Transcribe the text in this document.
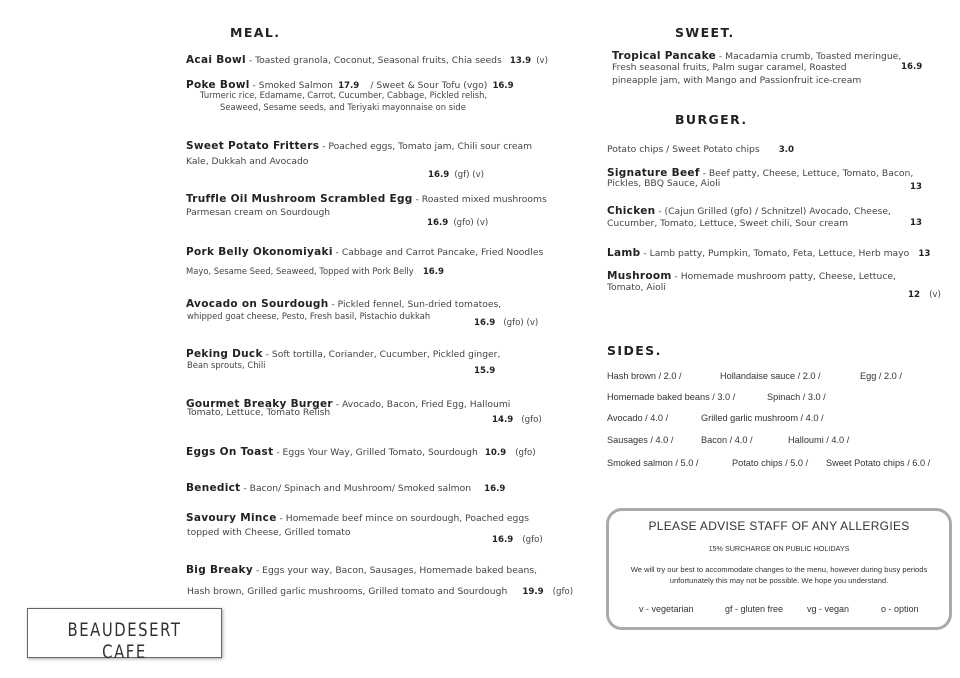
MEAL.
Acai Bowl - Toasted granola, Coconut, Seasonal fruits, Chia seeds 13.9 (v)
Poke Bowl - Smoked Salmon 17.9 / Sweet & Sour Tofu (vgo) 16.9
Turmeric rice, Edamame, Carrot, Cucumber, Cabbage, Pickled relish,
Seaweed, Sesame seeds, and Teriyaki mayonnaise on side
Sweet Potato Fritters - Poached eggs, Tomato jam, Chili sour cream
Kale, Dukkah and Avocado
16.9 (gf) (v)
Truffle Oil Mushroom Scrambled Egg - Roasted mixed mushrooms
Parmesan cream on Sourdough
16.9 (gfo) (v)
Pork Belly Okonomiyaki - Cabbage and Carrot Pancake, Fried Noodles
Mayo, Sesame Seed, Seaweed, Topped with Pork Belly 16.9
Avocado on Sourdough - Pickled fennel, Sun-dried tomatoes,
whipped goat cheese, Pesto, Fresh basil, Pistachio dukkah
16.9 (gfo) (v)
Peking Duck - Soft tortilla, Coriander, Cucumber, Pickled ginger,
Bean sprouts, Chili
15.9
Gourmet Breaky Burger - Avocado, Bacon, Fried Egg, Halloumi
Tomato, Lettuce, Tomato Relish
14.9 (gfo)
Eggs On Toast - Eggs Your Way, Grilled Tomato, Sourdough 10.9 (gfo)
Benedict - Bacon/ Spinach and Mushroom/ Smoked salmon 16.9
Savoury Mince - Homemade beef mince on sourdough, Poached eggs
topped with Cheese, Grilled tomato
16.9 (gfo)
Big Breaky - Eggs your way, Bacon, Sausages, Homemade baked beans,
Hash brown, Grilled garlic mushrooms, Grilled tomato and Sourdough 19.9 (gfo)
SWEET.
Tropical Pancake - Macadamia crumb, Toasted meringue,
Fresh seasonal fruits, Palm sugar caramel, Roasted	16.9
pineapple jam, with Mango and Passionfruit ice-cream
BURGER.
Potato chips / Sweet Potato chips 3.0
Signature Beef - Beef patty, Cheese, Lettuce, Tomato, Bacon,
Pickles, BBQ Sauce, Aioli	13
Chicken - (Cajun Grilled (gfo) / Schnitzel) Avocado, Cheese,
Cucumber, Tomato, Lettuce, Sweet chili, Sour cream	13
Lamb - Lamb patty, Pumpkin, Tomato, Feta, Lettuce, Herb mayo 13
Mushroom - Homemade mushroom patty, Cheese, Lettuce,
Tomato, Aioli
12 (v)
SIDES.
Hash brown / 2.0 /	Hollandaise sauce / 2.0 /	Egg / 2.0 /
Homemade baked beans / 3.0 /	Spinach / 3.0 /
Avocado / 4.0 /	Grilled garlic mushroom / 4.0 /
Sausages / 4.0 /	Bacon / 4.0 /	Halloumi / 4.0 /
Smoked salmon / 5.0 /	Potato chips / 5.0 / Sweet Potato chips / 6.0 /
PLEASE ADVISE STAFF OF ANY ALLERGIES
15% SURCHARGE ON PUBLIC HOLIDAYS
We will try our best to accommodate changes to the menu, however during busy periods
unfortunately this may not be possible. We hope you understand.
v - vegetarian	gf - gluten free	vg - vegan	o - option
BEAUDESERT CAFE
